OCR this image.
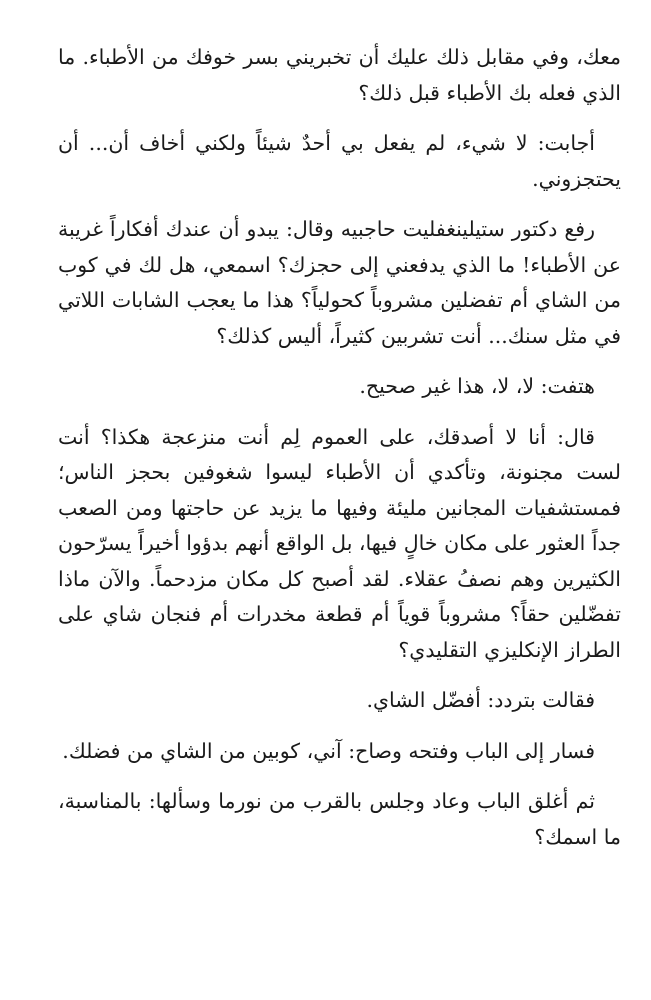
معك، وفي مقابل ذلك عليك أن تخبريني بسر خوفك من الأطباء. ما الذي فعله بك الأطباء قبل ذلك؟

أجابت: لا شيء، لم يفعل بي أحدٌ شيئاً ولكني أخاف أن... أن يحتجزوني.

رفع دكتور ستيلينغفليت حاجبيه وقال: يبدو أن عندك أفكاراً غريبة عن الأطباء! ما الذي يدفعني إلى حجزك؟ اسمعي، هل لك في كوب من الشاي أم تفضلين مشروباً كحولياً؟ هذا ما يعجب الشابات اللاتي في مثل سنك... أنت تشربين كثيراً، أليس كذلك؟

هتفت: لا، لا، هذا غير صحيح.

قال: أنا لا أصدقك، على العموم لِم أنت منزعجة هكذا؟ أنت لست مجنونة، وتأكدي أن الأطباء ليسوا شغوفين بحجز الناس؛ فمستشفيات المجانين مليئة وفيها ما يزيد عن حاجتها ومن الصعب جداً العثور على مكان خالٍ فيها، بل الواقع أنهم بدؤوا أخيراً يسرّحون الكثيرين وهم نصفُ عقلاء. لقد أصبح كل مكان مزدحماً. والآن ماذا تفضّلين حقاً؟ مشروباً قوياً أم قطعة مخدرات أم فنجان شاي على الطراز الإنكليزي التقليدي؟

فقالت بتردد: أفضّل الشاي.

فسار إلى الباب وفتحه وصاح: آني، كوبين من الشاي من فضلك.

ثم أغلق الباب وعاد وجلس بالقرب من نورما وسألها: بالمناسبة، ما اسمك؟
